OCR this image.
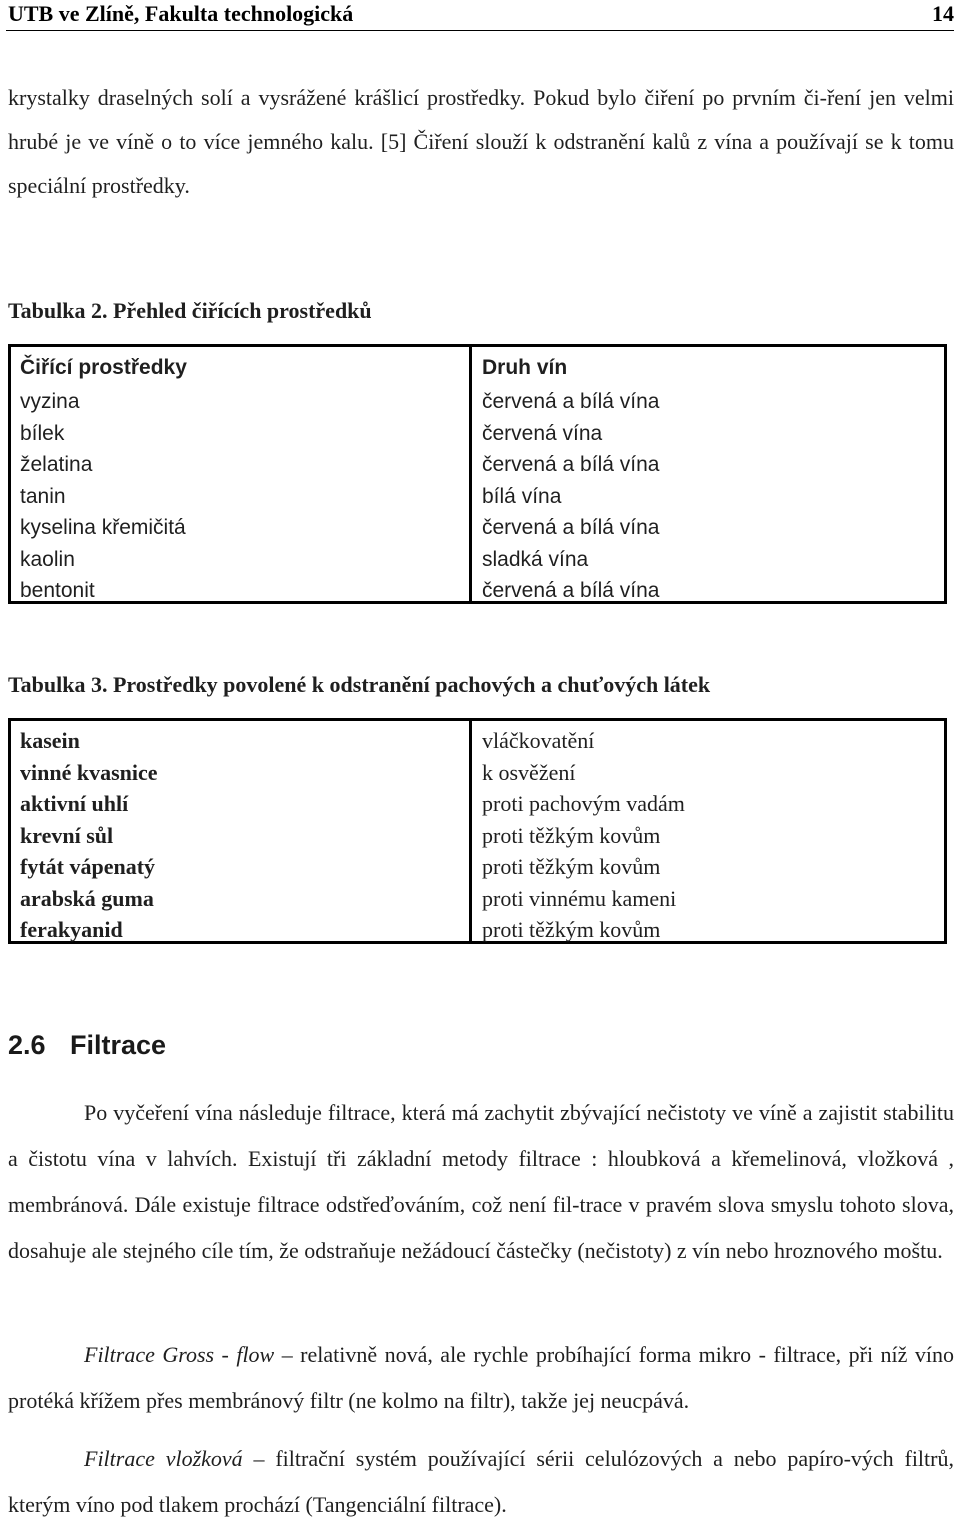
UTB ve Zlíně, Fakulta technologická	14
krystalky draselných solí a vysrážené krášlicí prostředky. Pokud bylo čiření po prvním či-ření jen velmi hrubé je ve víně o to více jemného kalu. [5] Čiření slouží k odstranění kalů z vína a používají se k tomu speciální prostředky.
Tabulka 2. Přehled čiřících prostředků
Čiřící prostředky
vyzina
bílek
želatina
tanin
kyselina křemičitá
kaolin
bentonit
Druh vín
červená a bílá vína
červená vína
červená a bílá vína
bílá vína
červená a bílá vína
sladká vína
červená a bílá vína
Tabulka 3. Prostředky povolené k odstranění pachových a chuťových látek
kasein
vinné kvasnice
aktivní uhlí
krevní sůl
fytát vápenatý
arabská guma
ferakyanid
vláčkovatění
k osvěžení
proti pachovým vadám
proti těžkým kovům
proti těžkým kovům
proti vinnému kameni
proti těžkým kovům
2.6 Filtrace
Po vyčeření vína následuje filtrace, která má zachytit zbývající nečistoty ve víně a zajistit stabilitu a čistotu vína v lahvích. Existují tři základní metody filtrace : hloubková a křemelinová, vložková , membránová. Dále existuje filtrace odstřeďováním, což není fil-trace v pravém slova smyslu tohoto slova, dosahuje ale stejného cíle tím, že odstraňuje nežádoucí částečky (nečistoty) z vín nebo hroznového moštu.
Filtrace Gross - flow – relativně nová, ale rychle probíhající forma mikro - filtrace, při níž víno protéká křížem přes membránový filtr (ne kolmo na filtr), takže jej neucpává.
Filtrace vložková – filtrační systém používající sérii celulózových a nebo papíro-vých filtrů, kterým víno pod tlakem prochází (Tangenciální filtrace).
